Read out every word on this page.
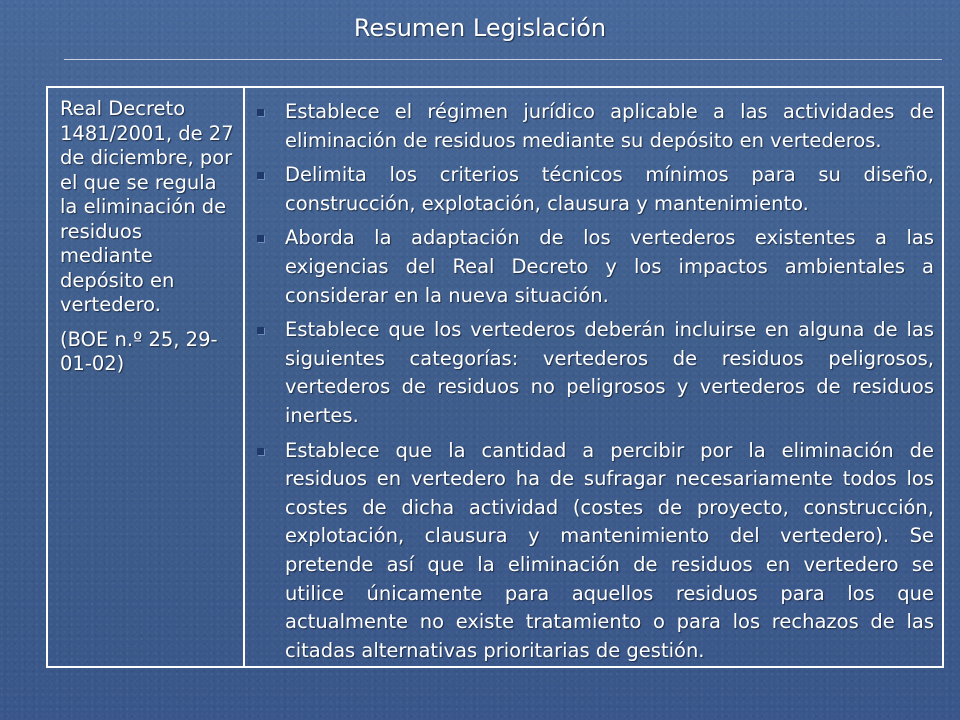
Resumen Legislación

Real Decreto 1481/2001, de 27 de diciembre, por el que se regula la eliminación de residuos mediante depósito en vertedero.

(BOE n.º 25, 29-01-02)

Establece el régimen jurídico aplicable a las actividades de eliminación de residuos mediante su depósito en vertederos.
Delimita los criterios técnicos mínimos para su diseño, construcción, explotación, clausura y mantenimiento.
Aborda la adaptación de los vertederos existentes a las exigencias del Real Decreto y los impactos ambientales a considerar en la nueva situación.
Establece que los vertederos deberán incluirse en alguna de las siguientes categorías: vertederos de residuos peligrosos, vertederos de residuos no peligrosos y vertederos de residuos inertes.
Establece que la cantidad a percibir por la eliminación de residuos en vertedero ha de sufragar necesariamente todos los costes de dicha actividad (costes de proyecto, construcción, explotación, clausura y mantenimiento del vertedero). Se pretende así que la eliminación de residuos en vertedero se utilice únicamente para aquellos residuos para los que actualmente no existe tratamiento o para los rechazos de las citadas alternativas prioritarias de gestión.
